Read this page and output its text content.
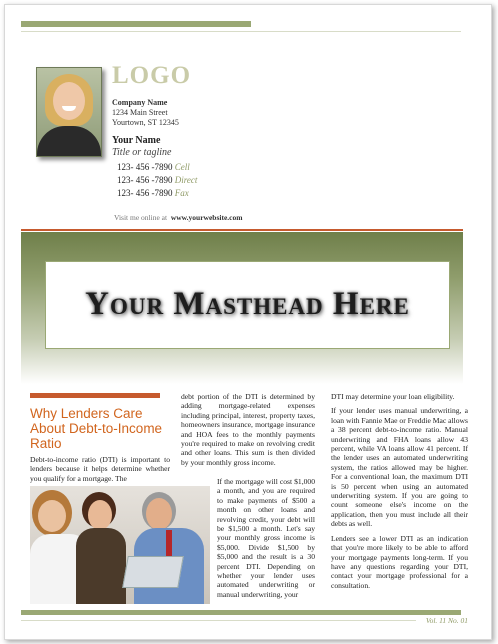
LOGO
Company Name
1234 Main Street
Yourtown, ST 12345
Your Name
Title or tagline
123- 456 -7890 Cell
123- 456 -7890 Direct
123- 456 -7890 Fax
Visit me online at www.yourwebsite.com
Your Masthead Here
Why Lenders Care About Debt-to-Income Ratio
Debt-to-income ratio (DTI) is important to lenders because it helps determine whether you qualify for a mortgage. The

debt portion of the DTI is determined by adding mortgage-related expenses including principal, interest, property taxes, homeowners insurance, mortgage insurance and HOA fees to the monthly payments you're required to make on revolving credit and other loans. This sum is then divided by your monthly gross income.

If the mortgage will cost $1,000 a month, and you are required to make payments of $500 a month on other loans and revolving credit, your debt will be $1,500 a month. Let's say your monthly gross income is $5,000. Divide $1,500 by $5,000 and the result is a 30 percent DTI. Depending on whether your lender uses automated underwriting or manual underwriting, your

DTI may determine your loan eligibility.

If your lender uses manual underwriting, a loan with Fannie Mae or Freddie Mac allows a 38 percent debt-to-income ratio. Manual underwriting and FHA loans allow 43 percent, while VA loans allow 41 percent. If the lender uses an automated underwriting system, the ratios allowed may be higher. For a conventional loan, the maximum DTI is 50 percent when using an automated underwriting system. If you are going to count someone else's income on the application, then you must include all their debts as well.

Lenders see a lower DTI as an indication that you're more likely to be able to afford your mortgage payments long-term. If you have any questions regarding your DTI, contact your mortgage professional for a consultation.

Vol. 11 No. 01
